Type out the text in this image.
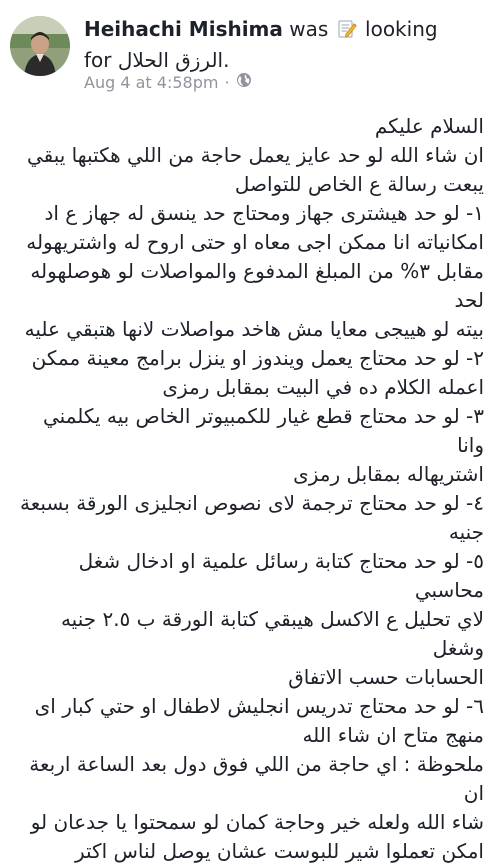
Heihachi Mishima was looking
for الرزق الحلال.
Aug 4 at 4:58pm ·

السلام عليكم

ان شاء الله لو حد عايز يعمل حاجة من اللي هكتبها يبقي

يبعت رسالة ع الخاص للتواصل

١- لو حد هيشترى جهاز ومحتاج حد ينسق له جهاز ع اد

امكانياته انا ممكن اجى معاه او حتى اروح له واشتريهوله

مقابل ٣% من المبلغ المدفوع والمواصلات لو هوصلهوله لحد

بيته لو هييجى معايا مش هاخد مواصلات لانها هتبقي عليه

٢- لو حد محتاج يعمل ويندوز او ينزل برامج معينة ممكن

اعمله الكلام ده في البيت بمقابل رمزى

٣- لو حد محتاج قطع غيار للكمبيوتر الخاص بيه يكلمني وانا

اشتريهاله بمقابل رمزى

٤- لو حد محتاج ترجمة لاى نصوص انجليزى الورقة بسبعة

جنيه

٥- لو حد محتاج كتابة رسائل علمية او ادخال شغل محاسبي

لاي تحليل ع الاكسل هيبقي كتابة الورقة ب ٢.٥ جنيه وشغل

الحسابات حسب الاتفاق

٦- لو حد محتاج تدريس انجليش لاطفال او حتي كبار اى

منهج متاح ان شاء الله

ملحوظة : اي حاجة من اللي فوق دول بعد الساعة اربعة ان

شاء الله ولعله خير وحاجة كمان لو سمحتوا يا جدعان لو

امكن تعملوا شير للبوست عشان يوصل لناس اكتر
